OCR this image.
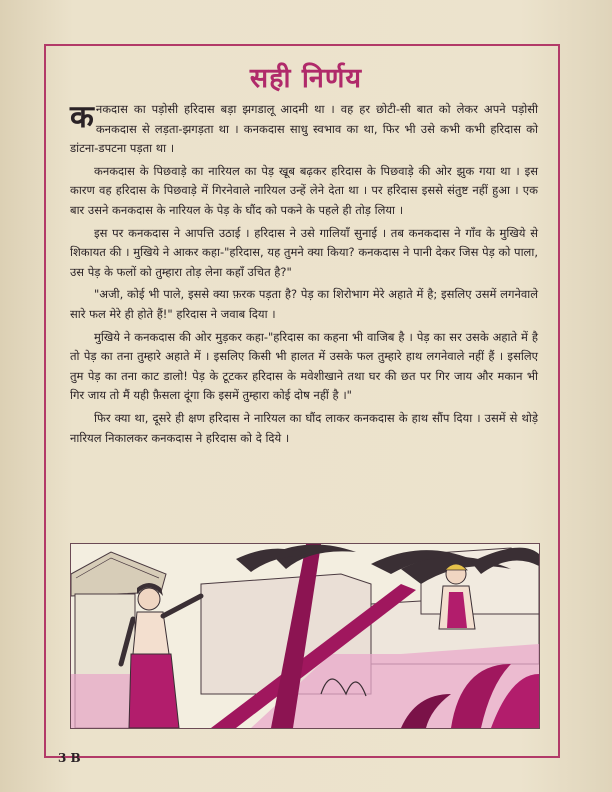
सही निर्णय

कनकदास का पड़ोसी हरिदास बड़ा झगडालू आदमी था । वह हर छोटी-सी बात को लेकर अपने पड़ोसी कनकदास से लड़ता-झगड़ता था । कनकदास साधु स्वभाव का था, फिर भी उसे कभी कभी हरिदास को डांटना-डपटना पड़ता था ।

कनकदास के पिछवाड़े का नारियल का पेड़ खूब बढ़कर हरिदास के पिछवाड़े की ओर झुक गया था । इस कारण वह हरिदास के पिछवाड़े में गिरनेवाले नारियल उन्हें लेने देता था । पर हरिदास इससे संतुष्ट नहीं हुआ । एक बार उसने कनकदास के नारियल के पेड़ के घौंद को पकने के पहले ही तोड़ लिया ।

इस पर कनकदास ने आपत्ति उठाई । हरिदास ने उसे गालियाँ सुनाई । तब कनकदास ने गाँव के मुखिये से शिकायत की । मुखिये ने आकर कहा-"हरिदास, यह तुमने क्या किया? कनकदास ने पानी देकर जिस पेड़ को पाला, उस पेड़ के फलों को तुम्हारा तोड़ लेना कहाँ उचित है?"

"अजी, कोई भी पाले, इससे क्या फ़रक पड़ता है? पेड़ का शिरोभाग मेरे अहाते में है; इसलिए उसमें लगनेवाले सारे फल मेरे ही होते हैं!" हरिदास ने जवाब दिया ।

मुखिये ने कनकदास की ओर मुड़कर कहा-"हरिदास का कहना भी वाजिब है । पेड़ का सर उसके अहाते में है तो पेड़ का तना तुम्हारे अहाते में । इसलिए किसी भी हालत में उसके फल तुम्हारे हाथ लगनेवाले नहीं हैं । इसलिए तुम पेड़ का तना काट डालो! पेड़ के टूटकर हरिदास के मवेशीखाने तथा घर की छत पर गिर जाय और मकान भी गिर जाय तो मैं यही फ़ैसला दूंगा कि इसमें तुम्हारा कोई दोष नहीं है ।"

फिर क्या था, दूसरे ही क्षण हरिदास ने नारियल का घौंद लाकर कनकदास के हाथ सौंप दिया । उसमें से थोड़े नारियल निकालकर कनकदास ने हरिदास को दे दिये ।

3 B
